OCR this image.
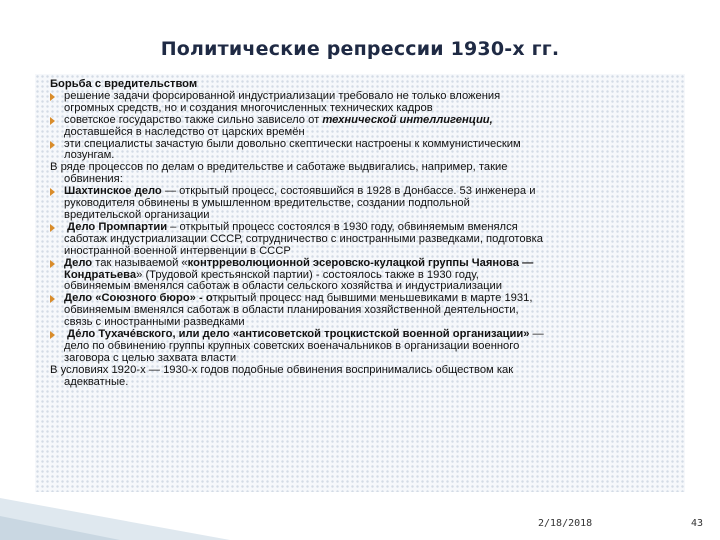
Политические репрессии 1930-х гг.

Борьба с вредительством

решение задачи форсированной индустриализации требовало не только вложения
огромных средств, но и создания многочисленных технических кадров
советское государство также сильно зависело от технической интеллигенции,
доставшейся в наследство от царских времён
эти специалисты зачастую были довольно скептически настроены к коммунистическим
лозунгам.

В ряде процессов по делам о вредительстве и саботаже выдвигались, например, такие
обвинения:

Шахтинское дело — открытый процесс, состоявшийся в 1928 в Донбассе. 53 инженера и
руководителя обвинены в умышленном вредительстве, создании подпольной
вредительской организации
Дело Промпартии – открытый процесс состоялся в 1930 году, обвиняемым вменялся
саботаж индустриализации СССР, сотрудничество с иностранными разведками, подготовка
иностранной военной интервенции в СССР
Дело так называемой «контрреволюционной эсеровско-кулацкой группы Чаянова —
Кондратьева» (Трудовой крестьянской партии) - состоялось также в 1930 году,
обвиняемым вменялся саботаж в области сельского хозяйства и индустриализации
Дело «Союзного бюро» - открытый процесс над бывшими меньшевиками в марте 1931,
обвиняемым вменялся саботаж в области планирования хозяйственной деятельности,
связь с иностранными разведками
Де́ло Тухаче́вского, или дело «антисоветской троцкистской военной организации» —
дело по обвинению группы крупных советских военачальников в организации военного
заговора с целью захвата власти

В условиях 1920-х — 1930-х годов подобные обвинения воспринимались обществом как
адекватные.

2/18/2018	43
